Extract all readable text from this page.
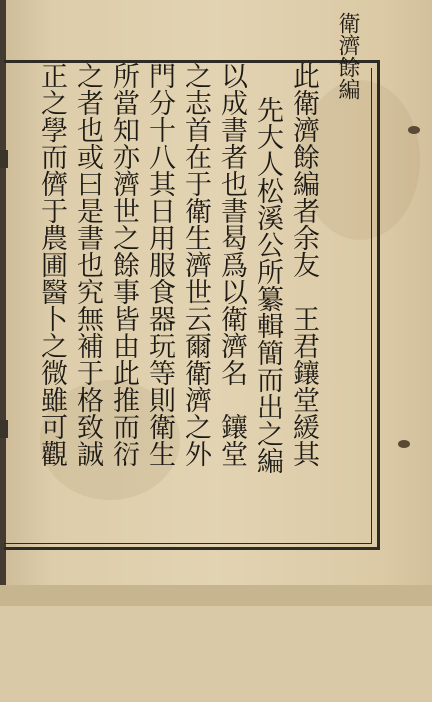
衛濟餘編
此衛濟餘編者余友　王君鑲堂緩其
先大人松溪公所纂輯簡而出之編
以成書者也書曷爲以衛濟名　鑲堂
之志首在于衛生濟世云爾衛濟之外
門分十八其日用服食器玩等則衛生
所當知亦濟世之餘事皆由此推而衍
之者也或曰是書也究無補于格致誠
正之學而儕于農圃醫卜之微雖可觀
